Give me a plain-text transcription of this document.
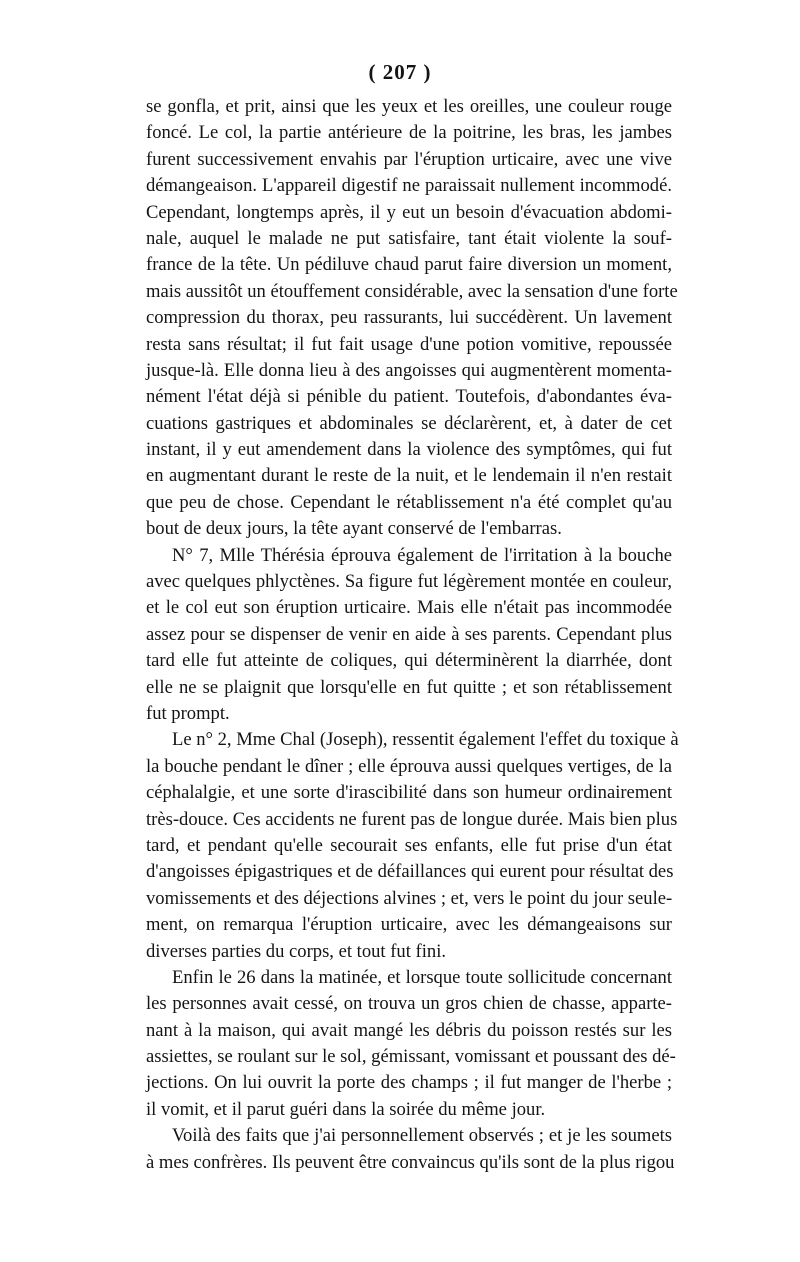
( 207 )
se gonfla, et prit, ainsi que les yeux et les oreilles, une couleur rouge
foncé. Le col, la partie antérieure de la poitrine, les bras, les jambes
furent successivement envahis par l'éruption urticaire, avec une vive
démangeaison. L'appareil digestif ne paraissait nullement incommodé.
Cependant, longtemps après, il y eut un besoin d'évacuation abdomi-
nale, auquel le malade ne put satisfaire, tant était violente la souf-
france de la tête. Un pédiluve chaud parut faire diversion un moment,
mais aussitôt un étouffement considérable, avec la sensation d'une forte
compression du thorax, peu rassurants, lui succédèrent. Un lavement
resta sans résultat; il fut fait usage d'une potion vomitive, repoussée
jusque-là. Elle donna lieu à des angoisses qui augmentèrent momenta-
nément l'état déjà si pénible du patient. Toutefois, d'abondantes éva-
cuations gastriques et abdominales se déclarèrent, et, à dater de cet
instant, il y eut amendement dans la violence des symptômes, qui fut
en augmentant durant le reste de la nuit, et le lendemain il n'en restait
que peu de chose. Cependant le rétablissement n'a été complet qu'au
bout de deux jours, la tête ayant conservé de l'embarras.
N° 7, Mlle Thérésia éprouva également de l'irritation à la bouche
avec quelques phlyctènes. Sa figure fut légèrement montée en couleur,
et le col eut son éruption urticaire. Mais elle n'était pas incommodée
assez pour se dispenser de venir en aide à ses parents. Cependant plus
tard elle fut atteinte de coliques, qui déterminèrent la diarrhée, dont
elle ne se plaignit que lorsqu'elle en fut quitte ; et son rétablissement
fut prompt.
Le n° 2, Mme Chal (Joseph), ressentit également l'effet du toxique à
la bouche pendant le dîner ; elle éprouva aussi quelques vertiges, de la
céphalalgie, et une sorte d'irascibilité dans son humeur ordinairement
très-douce. Ces accidents ne furent pas de longue durée. Mais bien plus
tard, et pendant qu'elle secourait ses enfants, elle fut prise d'un état
d'angoisses épigastriques et de défaillances qui eurent pour résultat des
vomissements et des déjections alvines ; et, vers le point du jour seule-
ment, on remarqua l'éruption urticaire, avec les démangeaisons sur
diverses parties du corps, et tout fut fini.
Enfin le 26 dans la matinée, et lorsque toute sollicitude concernant
les personnes avait cessé, on trouva un gros chien de chasse, apparte-
nant à la maison, qui avait mangé les débris du poisson restés sur les
assiettes, se roulant sur le sol, gémissant, vomissant et poussant des dé-
jections. On lui ouvrit la porte des champs ; il fut manger de l'herbe ;
il vomit, et il parut guéri dans la soirée du même jour.
Voilà des faits que j'ai personnellement observés ; et je les soumets
à mes confrères. Ils peuvent être convaincus qu'ils sont de la plus rigou
